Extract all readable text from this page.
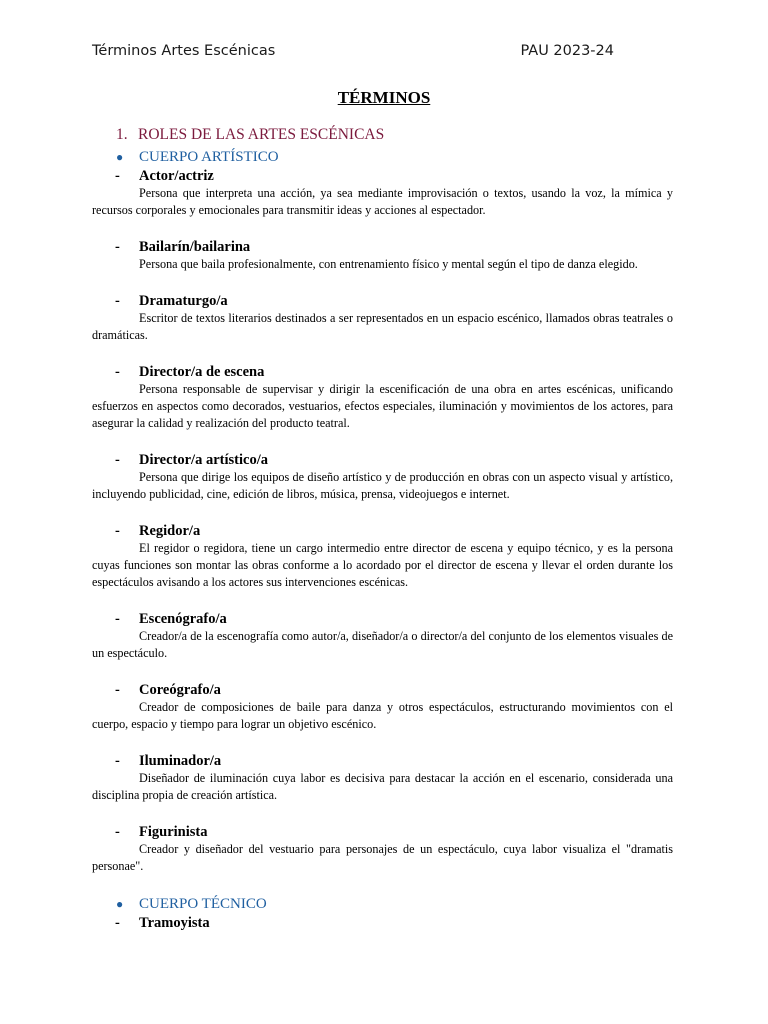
Términos Artes Escénicas	PAU 2023-24
TÉRMINOS
1. ROLES DE LAS ARTES ESCÉNICAS
● CUERPO ARTÍSTICO
- Actor/actriz

Persona que interpreta una acción, ya sea mediante improvisación o textos, usando la voz, la mímica y recursos corporales y emocionales para transmitir ideas y acciones al espectador.

- Bailarín/bailarina

Persona que baila profesionalmente, con entrenamiento físico y mental según el tipo de danza elegido.

- Dramaturgo/a

Escritor de textos literarios destinados a ser representados en un espacio escénico, llamados obras teatrales o dramáticas.

- Director/a de escena

Persona responsable de supervisar y dirigir la escenificación de una obra en artes escénicas, unificando esfuerzos en aspectos como decorados, vestuarios, efectos especiales, iluminación y movimientos de los actores, para asegurar la calidad y realización del producto teatral.

- Director/a artístico/a

Persona que dirige los equipos de diseño artístico y de producción en obras con un aspecto visual y artístico, incluyendo publicidad, cine, edición de libros, música, prensa, videojuegos e internet.

- Regidor/a

El regidor o regidora, tiene un cargo intermedio entre director de escena y equipo técnico, y es la persona cuyas funciones son montar las obras conforme a lo acordado por el director de escena y llevar el orden durante los espectáculos avisando a los actores sus intervenciones escénicas.

- Escenógrafo/a

Creador/a de la escenografía como autor/a, diseñador/a o director/a del conjunto de los elementos visuales de un espectáculo.

- Coreógrafo/a

Creador de composiciones de baile para danza y otros espectáculos, estructurando movimientos con el cuerpo, espacio y tiempo para lograr un objetivo escénico.

- Iluminador/a

Diseñador de iluminación cuya labor es decisiva para destacar la acción en el escenario, considerada una disciplina propia de creación artística.

- Figurinista

Creador y diseñador del vestuario para personajes de un espectáculo, cuya labor visualiza el "dramatis personae".

● CUERPO TÉCNICO
- Tramoyista
